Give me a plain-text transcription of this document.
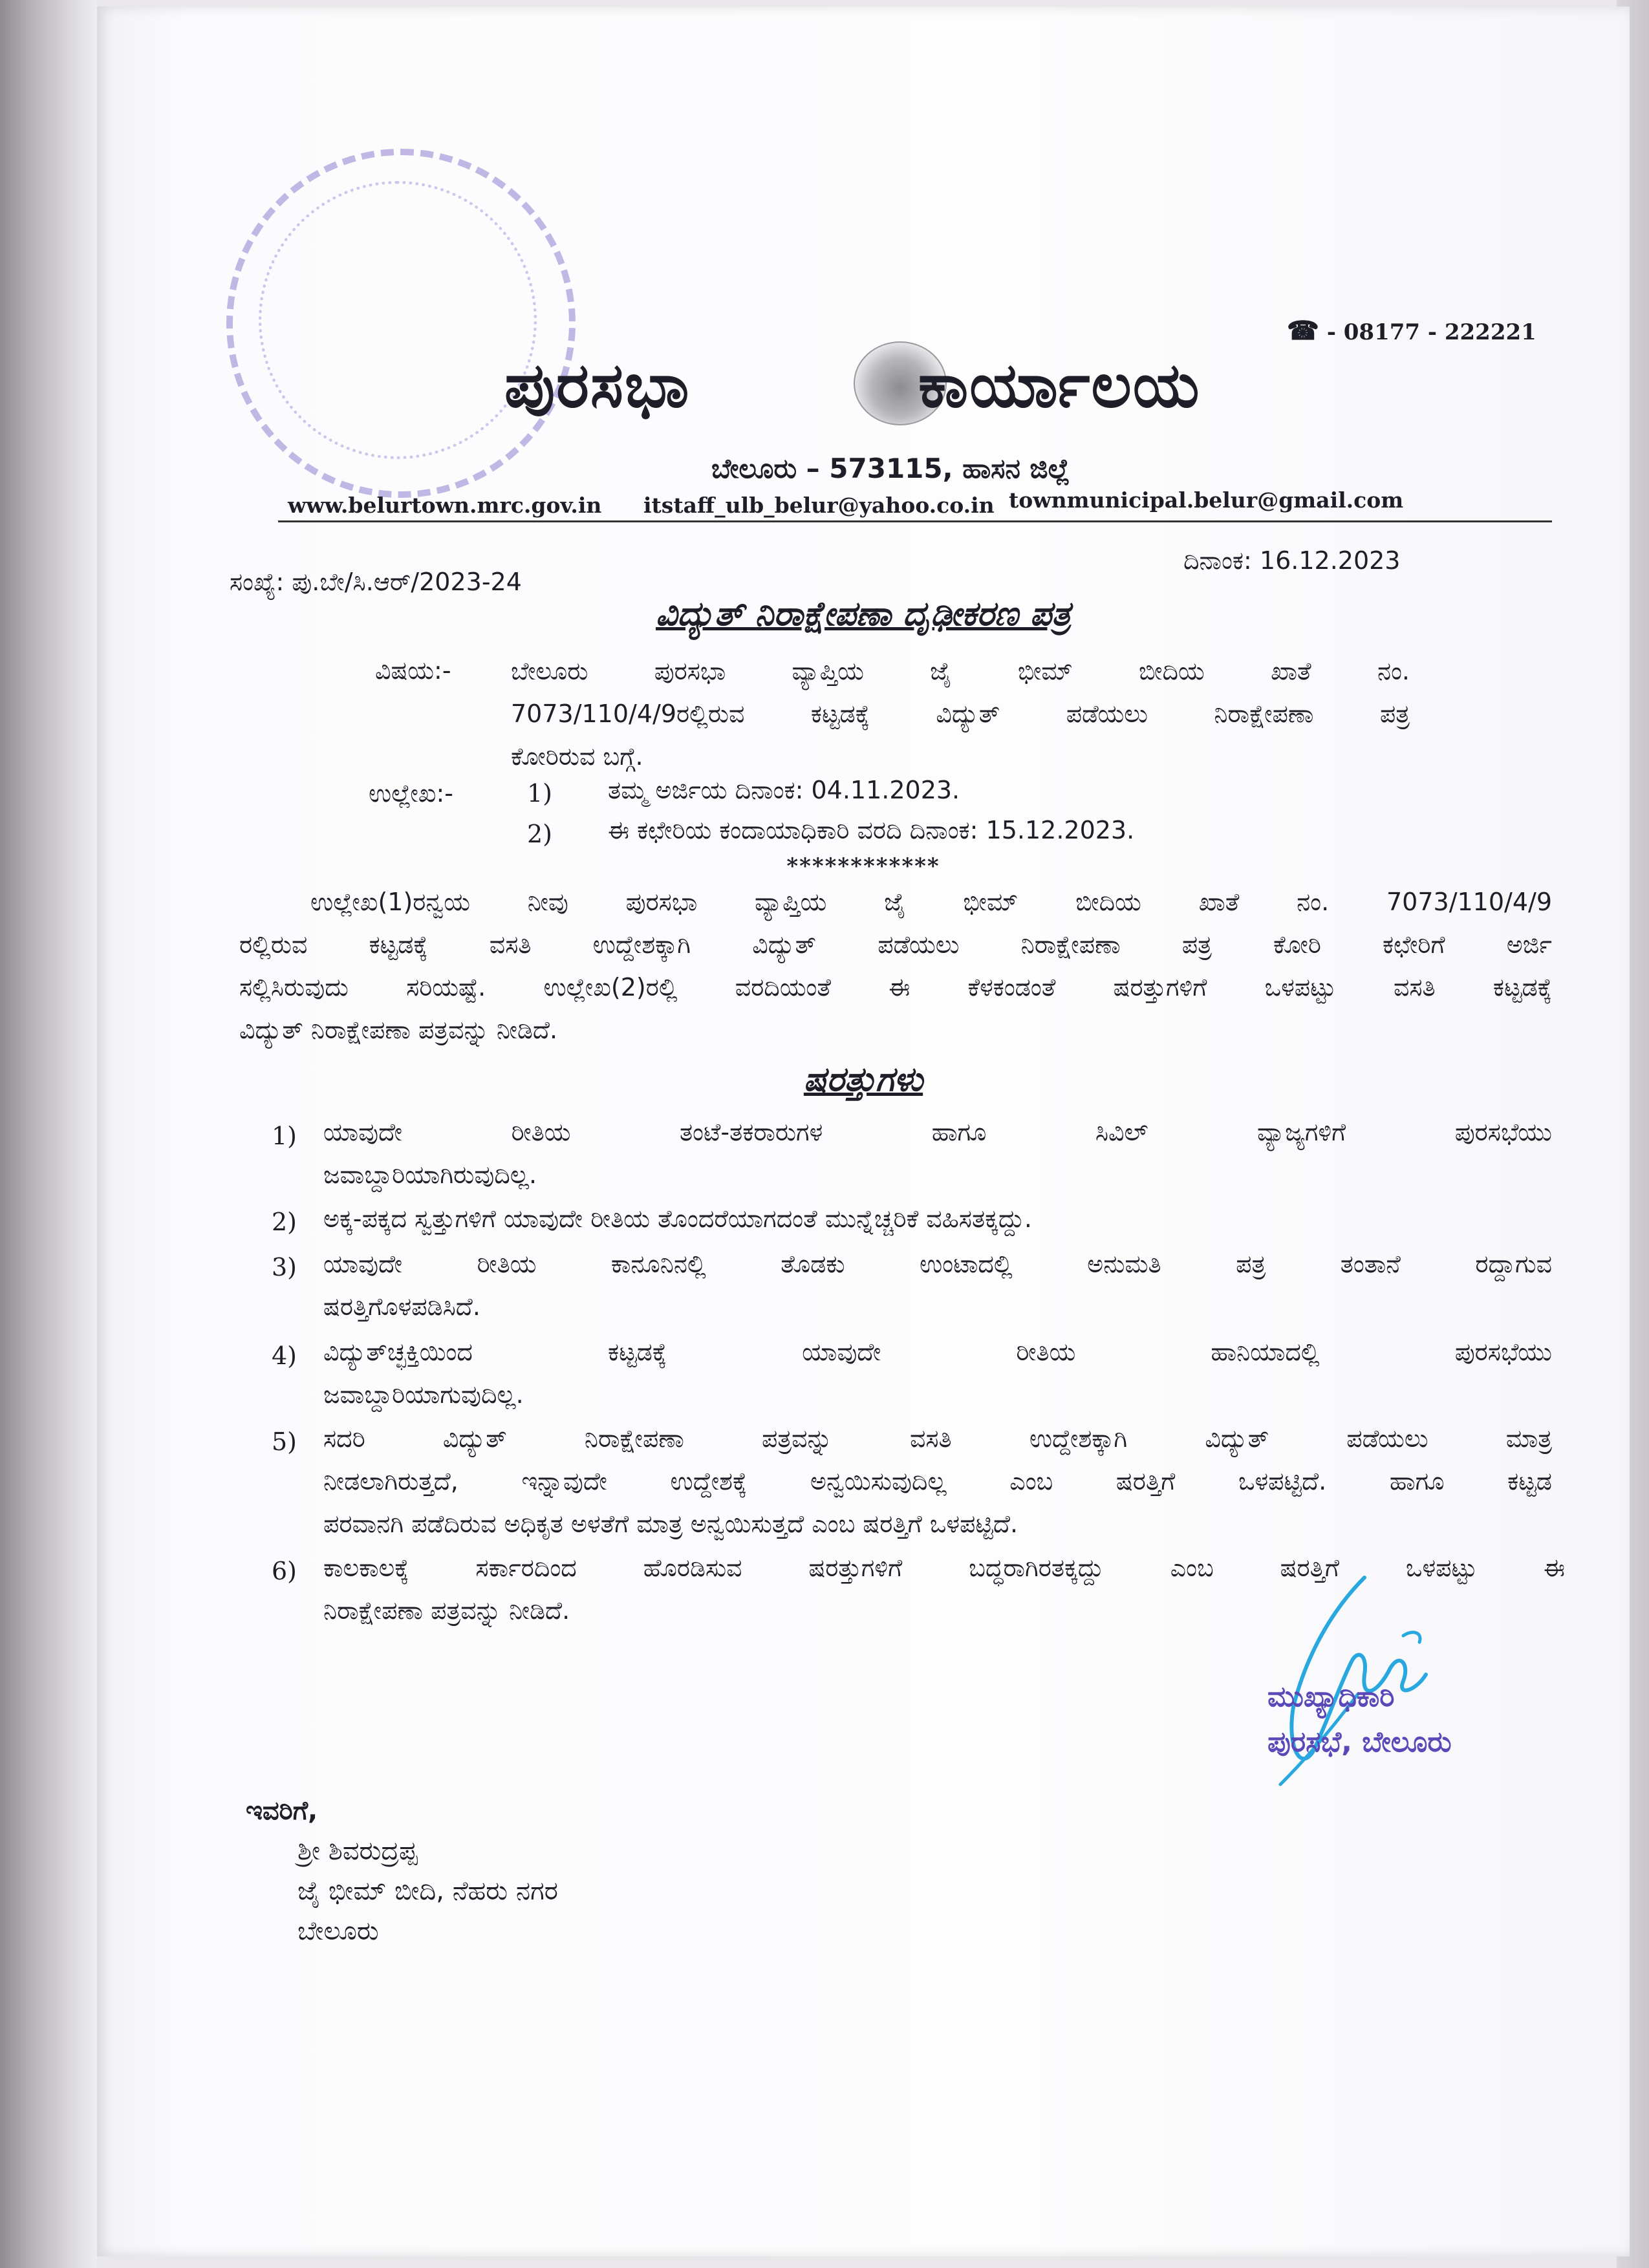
☎ - 08177 - 222221
ಪುರಸಭಾ	ಕಾರ್ಯಾಲಯ
ಬೇಲೂರು – 573115, ಹಾಸನ ಜಿಲ್ಲೆ
www.belurtown.mrc.gov.in itstaff_ulb_belur@yahoo.co.in townmunicipal.belur@gmail.com
ಸಂಖ್ಯೆ: ಪು.ಬೇ/ಸಿ.ಆರ್/2023-24
ದಿನಾಂಕ: 16.12.2023
ವಿದ್ಯುತ್ ನಿರಾಕ್ಷೇಪಣಾ ದೃಢೀಕರಣ ಪತ್ರ
ವಿಷಯ:- ಬೇಲೂರು ಪುರಸಭಾ ವ್ಯಾಪ್ತಿಯ ಜೈ ಭೀಮ್ ಬೀದಿಯ ಖಾತೆ ನಂ.
7073/110/4/9ರಲ್ಲಿರುವ ಕಟ್ಟಡಕ್ಕೆ ವಿದ್ಯುತ್ ಪಡೆಯಲು ನಿರಾಕ್ಷೇಪಣಾ ಪತ್ರ
ಕೋರಿರುವ ಬಗ್ಗೆ.
ಉಲ್ಲೇಖ:-	1) ತಮ್ಮ ಅರ್ಜಿಯ ದಿನಾಂಕ: 04.11.2023.
2) ಈ ಕಛೇರಿಯ ಕಂದಾಯಾಧಿಕಾರಿ ವರದಿ ದಿನಾಂಕ: 15.12.2023.
************
ಉಲ್ಲೇಖ(1)ರನ್ವಯ ನೀವು ಪುರಸಭಾ ವ್ಯಾಪ್ತಿಯ ಜೈ ಭೀಮ್ ಬೀದಿಯ ಖಾತೆ ನಂ. 7073/110/4/9
ರಲ್ಲಿರುವ ಕಟ್ಟಡಕ್ಕೆ ವಸತಿ ಉದ್ದೇಶಕ್ಕಾಗಿ ವಿದ್ಯುತ್ ಪಡೆಯಲು ನಿರಾಕ್ಷೇಪಣಾ ಪತ್ರ ಕೋರಿ ಕಛೇರಿಗೆ ಅರ್ಜಿ
ಸಲ್ಲಿಸಿರುವುದು ಸರಿಯಷ್ಟೆ. ಉಲ್ಲೇಖ(2)ರಲ್ಲಿ ವರದಿಯಂತೆ ಈ ಕೆಳಕಂಡಂತೆ ಷರತ್ತುಗಳಿಗೆ ಒಳಪಟ್ಟು ವಸತಿ ಕಟ್ಟಡಕ್ಕೆ
ವಿದ್ಯುತ್ ನಿರಾಕ್ಷೇಪಣಾ ಪತ್ರವನ್ನು ನೀಡಿದೆ.
ಷರತ್ತುಗಳು
1) ಯಾವುದೇ ರೀತಿಯ ತಂಟೆ-ತಕರಾರುಗಳ ಹಾಗೂ ಸಿವಿಲ್ ವ್ಯಾಜ್ಯಗಳಿಗೆ ಪುರಸಭೆಯು
ಜವಾಬ್ದಾರಿಯಾಗಿರುವುದಿಲ್ಲ.
2) ಅಕ್ಕ-ಪಕ್ಕದ ಸ್ವತ್ತುಗಳಿಗೆ ಯಾವುದೇ ರೀತಿಯ ತೊಂದರೆಯಾಗದಂತೆ ಮುನ್ನೆಚ್ಚರಿಕೆ ವಹಿಸತಕ್ಕದ್ದು.
3) ಯಾವುದೇ ರೀತಿಯ ಕಾನೂನಿನಲ್ಲಿ ತೊಡಕು ಉಂಟಾದಲ್ಲಿ ಅನುಮತಿ ಪತ್ರ ತಂತಾನೆ ರದ್ದಾಗುವ
ಷರತ್ತಿಗೊಳಪಡಿಸಿದೆ.
4) ವಿದ್ಯುತ್‌ಚ್ಛಕ್ತಿಯಿಂದ ಕಟ್ಟಡಕ್ಕೆ ಯಾವುದೇ ರೀತಿಯ ಹಾನಿಯಾದಲ್ಲಿ ಪುರಸಭೆಯು
ಜವಾಬ್ದಾರಿಯಾಗುವುದಿಲ್ಲ.
5) ಸದರಿ ವಿದ್ಯುತ್ ನಿರಾಕ್ಷೇಪಣಾ ಪತ್ರವನ್ನು ವಸತಿ ಉದ್ದೇಶಕ್ಕಾಗಿ ವಿದ್ಯುತ್ ಪಡೆಯಲು ಮಾತ್ರ
ನೀಡಲಾಗಿರುತ್ತದೆ, ಇನ್ನಾವುದೇ ಉದ್ದೇಶಕ್ಕೆ ಅನ್ವಯಿಸುವುದಿಲ್ಲ ಎಂಬ ಷರತ್ತಿಗೆ ಒಳಪಟ್ಟಿದೆ. ಹಾಗೂ ಕಟ್ಟಡ
ಪರವಾನಗಿ ಪಡೆದಿರುವ ಅಧಿಕೃತ ಅಳತೆಗೆ ಮಾತ್ರ ಅನ್ವಯಿಸುತ್ತದೆ ಎಂಬ ಷರತ್ತಿಗೆ ಒಳಪಟ್ಟಿದೆ.
6) ಕಾಲಕಾಲಕ್ಕೆ ಸರ್ಕಾರದಿಂದ ಹೊರಡಿಸುವ ಷರತ್ತುಗಳಿಗೆ ಬದ್ಧರಾಗಿರತಕ್ಕದ್ದು ಎಂಬ ಷರತ್ತಿಗೆ ಒಳಪಟ್ಟು ಈ
ನಿರಾಕ್ಷೇಪಣಾ ಪತ್ರವನ್ನು ನೀಡಿದೆ.
ಮುಖ್ಯಾಧಿಕಾರಿ
ಪುರಸಭೆ, ಬೇಲೂರು
ಇವರಿಗೆ,
ಶ್ರೀ ಶಿವರುದ್ರಪ್ಪ
ಜೈ ಭೀಮ್ ಬೀದಿ, ನೆಹರು ನಗರ
ಬೇಲೂರು
